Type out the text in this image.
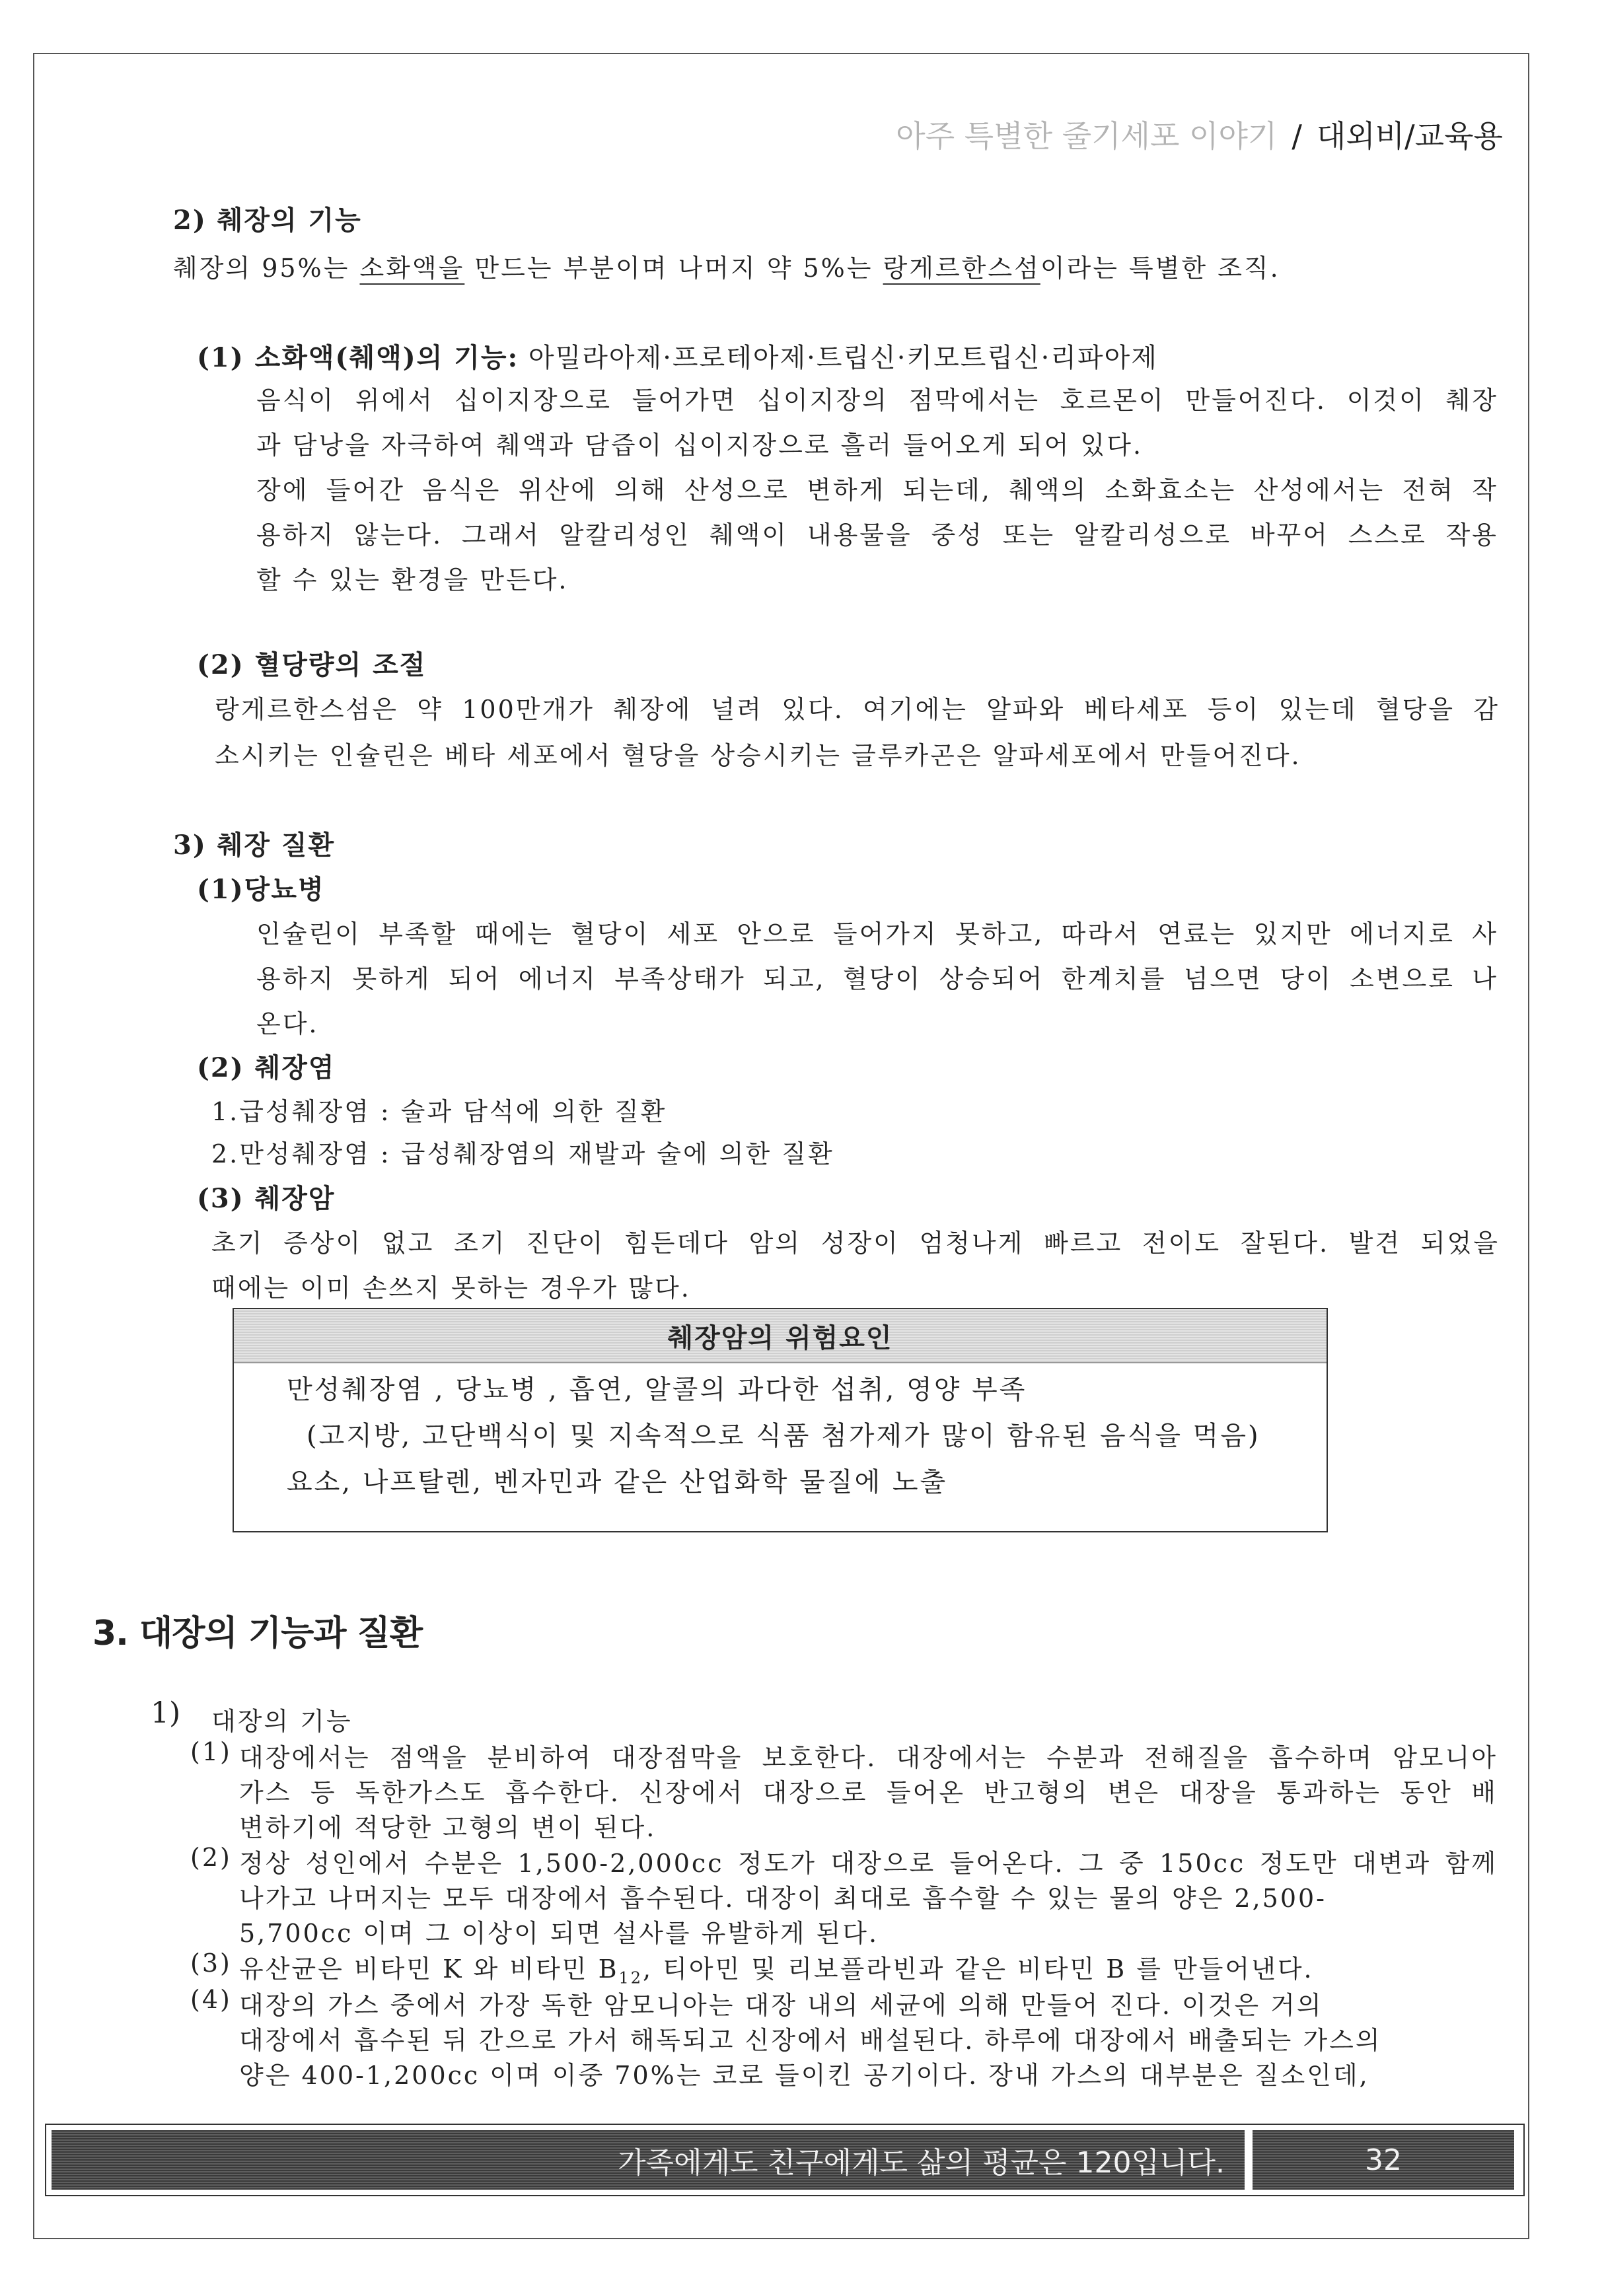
아주 특별한 줄기세포 이야기 / 대외비/교육용
2) 췌장의 기능
췌장의 95%는 소화액을 만드는 부분이며 나머지 약 5%는 랑게르한스섬이라는 특별한 조직.
(1) 소화액(췌액)의 기능: 아밀라아제·프로테아제·트립신·키모트립신·리파아제
음식이 위에서 십이지장으로 들어가면 십이지장의 점막에서는 호르몬이 만들어진다. 이것이 췌장
과 담낭을 자극하여 췌액과 담즙이 십이지장으로 흘러 들어오게 되어 있다.
장에 들어간 음식은 위산에 의해 산성으로 변하게 되는데, 췌액의 소화효소는 산성에서는 전혀 작
용하지 않는다. 그래서 알칼리성인 췌액이 내용물을 중성 또는 알칼리성으로 바꾸어 스스로 작용
할 수 있는 환경을 만든다.
(2) 혈당량의 조절
랑게르한스섬은 약 100만개가 췌장에 널려 있다. 여기에는 알파와 베타세포 등이 있는데 혈당을 감
소시키는 인슐린은 베타 세포에서 혈당을 상승시키는 글루카곤은 알파세포에서 만들어진다.
3) 췌장 질환
(1)당뇨병
인슐린이 부족할 때에는 혈당이 세포 안으로 들어가지 못하고, 따라서 연료는 있지만 에너지로 사
용하지 못하게 되어 에너지 부족상태가 되고, 혈당이 상승되어 한계치를 넘으면 당이 소변으로 나
온다.
(2) 췌장염
1.급성췌장염 : 술과 담석에 의한 질환
2.만성췌장염 : 급성췌장염의 재발과 술에 의한 질환
(3) 췌장암
초기 증상이 없고 조기 진단이 힘든데다 암의 성장이 엄청나게 빠르고 전이도 잘된다. 발견 되었을
때에는 이미 손쓰지 못하는 경우가 많다.
췌장암의 위험요인
만성췌장염 , 당뇨병 , 흡연, 알콜의 과다한 섭취, 영양 부족
(고지방, 고단백식이 및 지속적으로 식품 첨가제가 많이 함유된 음식을 먹음)
요소, 나프탈렌, 벤자민과 같은 산업화학 물질에 노출
3. 대장의 기능과 질환
1) 대장의 기능
(1) 대장에서는 점액을 분비하여 대장점막을 보호한다. 대장에서는 수분과 전해질을 흡수하며 암모니아
가스 등 독한가스도 흡수한다. 신장에서 대장으로 들어온 반고형의 변은 대장을 통과하는 동안 배
변하기에 적당한 고형의 변이 된다.
(2) 정상 성인에서 수분은 1,500-2,000cc 정도가 대장으로 들어온다. 그 중 150cc 정도만 대변과 함께
나가고 나머지는 모두 대장에서 흡수된다. 대장이 최대로 흡수할 수 있는 물의 양은 2,500-
5,700cc 이며 그 이상이 되면 설사를 유발하게 된다.
(3) 유산균은 비타민 K 와 비타민 $B_{12}$, 티아민 및 리보플라빈과 같은 비타민 B 를 만들어낸다.
(4) 대장의 가스 중에서 가장 독한 암모니아는 대장 내의 세균에 의해 만들어 진다. 이것은 거의
대장에서 흡수된 뒤 간으로 가서 해독되고 신장에서 배설된다. 하루에 대장에서 배출되는 가스의
양은 400-1,200cc 이며 이중 70%는 코로 들이킨 공기이다. 장내 가스의 대부분은 질소인데,
가족에게도 친구에게도 삶의 평균은 120입니다.	32
